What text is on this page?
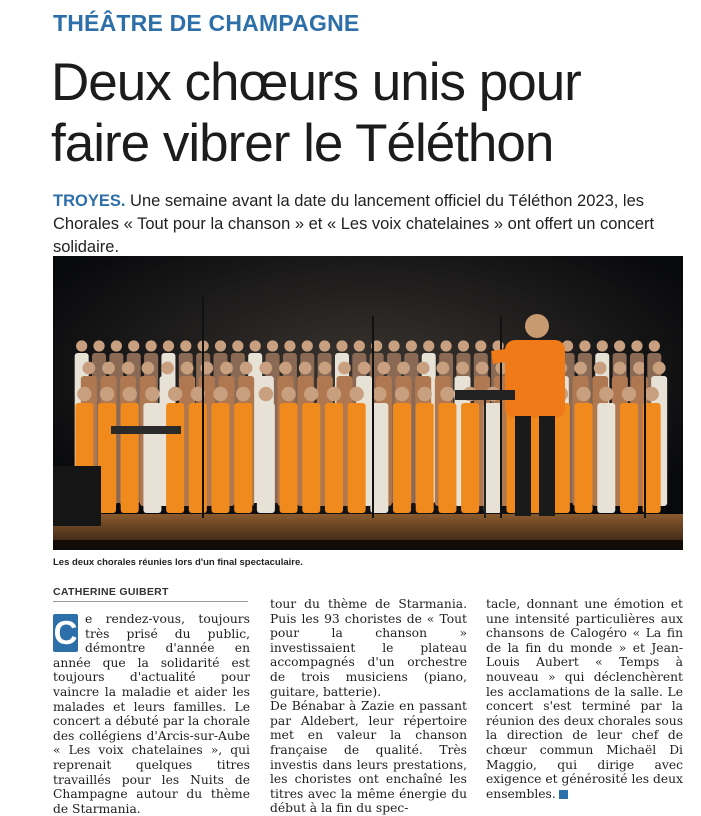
THÉÂTRE DE CHAMPAGNE
Deux chœurs unis pour faire vibrer le Téléthon
TROYES. Une semaine avant la date du lancement officiel du Téléthon 2023, les Chorales « Tout pour la chanson » et « Les voix chatelaines » ont offert un concert solidaire.
Les deux chorales réunies lors d'un final spectaculaire.
CATHERINE GUIBERT

C e rendez-vous, toujours très prisé du public, démontre d'année en année que la solidarité est toujours d'actualité pour vaincre la maladie et aider les malades et leurs familles. Le concert a débuté par la chorale des collégiens d'Arcis-sur-Aube « Les voix chatelaines », qui reprenait quelques titres travaillés pour les Nuits de Champagne autour du thème de Starmania.

tour du thème de Starmania. Puis les 93 choristes de « Tout pour la chanson » investissaient le plateau accompagnés d'un orchestre de trois musiciens (piano, guitare, batterie).

De Bénabar à Zazie en passant par Aldebert, leur répertoire met en valeur la chanson française de qualité. Très investis dans leurs prestations, les choristes ont enchaîné les titres avec la même énergie du début à la fin du spec-

tacle, donnant une émotion et une intensité particulières aux chansons de Calogéro « La fin de la fin du monde » et Jean-Louis Aubert « Temps à nouveau » qui déclenchèrent les acclamations de la salle. Le concert s'est terminé par la réunion des deux chorales sous la direction de leur chef de chœur commun Michaël Di Maggio, qui dirige avec exigence et générosité les deux ensembles.
